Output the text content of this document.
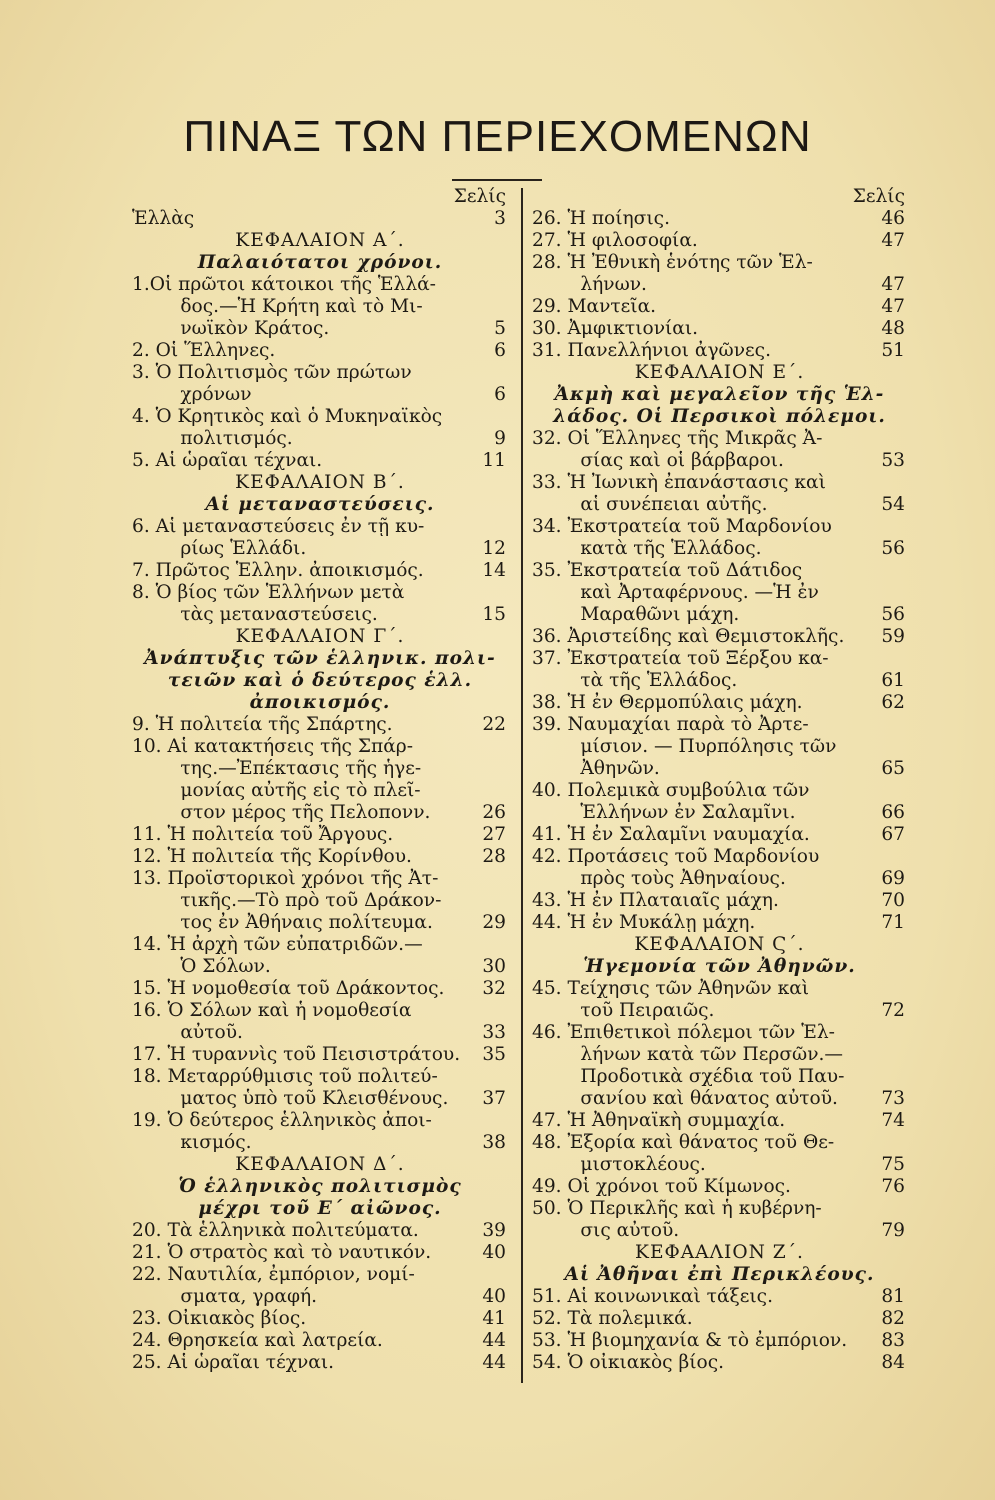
ΠΙΝΑΞ ΤΩΝ ΠΕΡΙΕΧΟΜΕΝΩΝ
Σελίς
Ἑλλὰς	3
ΚΕΦΑΛΑΙΟΝ Α΄.
Παλαιότατοι χρόνοι.
1.Οἱ πρῶτοι κάτοικοι τῆς Ἑλλά-
δος.—Ἡ Κρήτη καὶ τὸ Μι-
νωϊκὸν Κράτος.	5
2. Οἱ Ἕλληνες.	6
3. Ὁ Πολιτισμὸς τῶν πρώτων
χρόνων	6
4. Ὁ Κρητικὸς καὶ ὁ Μυκηναϊκὸς
πολιτισμός.	9
5. Αἱ ὡραῖαι τέχναι.	11
ΚΕΦΑΛΑΙΟΝ Β΄.
Αἱ μεταναστεύσεις.
6. Αἱ μεταναστεύσεις ἐν τῇ κυ-
ρίως Ἑλλάδι.	12
7. Πρῶτος Ἑλλην. ἀποικισμός.	14
8. Ὁ βίος τῶν Ἑλλήνων μετὰ
τὰς μεταναστεύσεις.	15
ΚΕΦΑΛΑΙΟΝ Γ΄.
Ἀνάπτυξις τῶν ἑλληνικ. πολι-
τειῶν καὶ ὁ δεύτερος ἑλλ.
ἀποικισμός.
9. Ἡ πολιτεία τῆς Σπάρτης.	22
10. Αἱ κατακτήσεις τῆς Σπάρ-
της.—Ἐπέκτασις τῆς ἡγε-
μονίας αὐτῆς εἰς τὸ πλεῖ-
στον μέρος τῆς Πελοπονν.	26
11. Ἡ πολιτεία τοῦ Ἄργους.	27
12. Ἡ πολιτεία τῆς Κορίνθου.	28
13. Προϊστορικοὶ χρόνοι τῆς Ἀτ-
τικῆς.—Τὸ πρὸ τοῦ Δράκον-
τος ἐν Ἀθήναις πολίτευμα.	29
14. Ἡ ἀρχὴ τῶν εὐπατριδῶν.—
Ὁ Σόλων.	30
15. Ἡ νομοθεσία τοῦ Δράκοντος.	32
16. Ὁ Σόλων καὶ ἡ νομοθεσία
αὐτοῦ.	33
17. Ἡ τυραννὶς τοῦ Πεισιστράτου. 35
18. Μεταρρύθμισις τοῦ πολιτεύ-
ματος ὑπὸ τοῦ Κλεισθένους.	37
19. Ὁ δεύτερος ἑλληνικὸς ἀποι-
κισμός.	38
ΚΕΦΑΛΑΙΟΝ Δ΄.
Ὁ ἑλληνικὸς πολιτισμὸς
μέχρι τοῦ Ε΄ αἰῶνος.
20. Τὰ ἑλληνικὰ πολιτεύματα.	39
21. Ὁ στρατὸς καὶ τὸ ναυτικόν.	40
22. Ναυτιλία, ἐμπόριον, νομί-
σματα, γραφή.	40
23. Οἰκιακὸς βίος.	41
24. Θρησκεία καὶ λατρεία.	44
25. Αἱ ὡραῖαι τέχναι.	44
Σελίς
26. Ἡ ποίησις.	46
27. Ἡ φιλοσοφία.	47
28. Ἡ Ἐθνικὴ ἑνότης τῶν Ἑλ-
λήνων.	47
29. Μαντεῖα.	47
30. Ἀμφικτιονίαι.	48
31. Πανελλήνιοι ἀγῶνες.	51
ΚΕΦΑΛΑΙΟΝ Ε΄.
Ἀκμὴ καὶ μεγαλεῖον τῆς Ἑλ-
λάδος. Οἱ Περσικοὶ πόλεμοι.
32. Οἱ Ἕλληνες τῆς Μικρᾶς Ἀ-
σίας καὶ οἱ βάρβαροι.	53
33. Ἡ Ἰωνικὴ ἐπανάστασις καὶ
αἱ συνέπειαι αὐτῆς.	54
34. Ἐκστρατεία τοῦ Μαρδονίου
κατὰ τῆς Ἑλλάδος.	56
35. Ἐκστρατεία τοῦ Δάτιδος
καὶ Ἀρταφέρνους. —Ἡ ἐν
Μαραθῶνι μάχη.	56
36. Ἀριστείδης καὶ Θεμιστοκλῆς.	59
37. Ἐκστρατεία τοῦ Ξέρξου κα-
τὰ τῆς Ἑλλάδος.	61
38. Ἡ ἐν Θερμοπύλαις μάχη.	62
39. Ναυμαχίαι παρὰ τὸ Ἀρτε-
μίσιον. — Πυρπόλησις τῶν
Ἀθηνῶν.	65
40. Πολεμικὰ συμβούλια τῶν
Ἑλλήνων ἐν Σαλαμῖνι.	66
41. Ἡ ἐν Σαλαμῖνι ναυμαχία.	67
42. Προτάσεις τοῦ Μαρδονίου
πρὸς τοὺς Ἀθηναίους.	69
43. Ἡ ἐν Πλαταιαῖς μάχη.	70
44. Ἡ ἐν Μυκάλῃ μάχη.	71
ΚΕΦΑΛΑΙΟΝ Ϛ΄.
Ἡγεμονία τῶν Ἀθηνῶν.
45. Τείχησις τῶν Ἀθηνῶν καὶ
τοῦ Πειραιῶς.	72
46. Ἐπιθετικοὶ πόλεμοι τῶν Ἑλ-
λήνων κατὰ τῶν Περσῶν.—
Προδοτικὰ σχέδια τοῦ Παυ-
σανίου καὶ θάνατος αὐτοῦ.	73
47. Ἡ Ἀθηναϊκὴ συμμαχία.	74
48. Ἐξορία καὶ θάνατος τοῦ Θε-
μιστοκλέους.	75
49. Οἱ χρόνοι τοῦ Κίμωνος.	76
50. Ὁ Περικλῆς καὶ ἡ κυβέρνη-
σις αὐτοῦ.	79
ΚΕΦΑΑΛΙΟΝ Ζ΄.
Αἱ Ἀθῆναι ἐπὶ Περικλέους.
51. Αἱ κοινωνικαὶ τάξεις.	81
52. Τὰ πολεμικά.	82
53. Ἡ βιομηχανία & τὸ ἐμπόριον.	83
54. Ὁ οἰκιακὸς βίος.	84
